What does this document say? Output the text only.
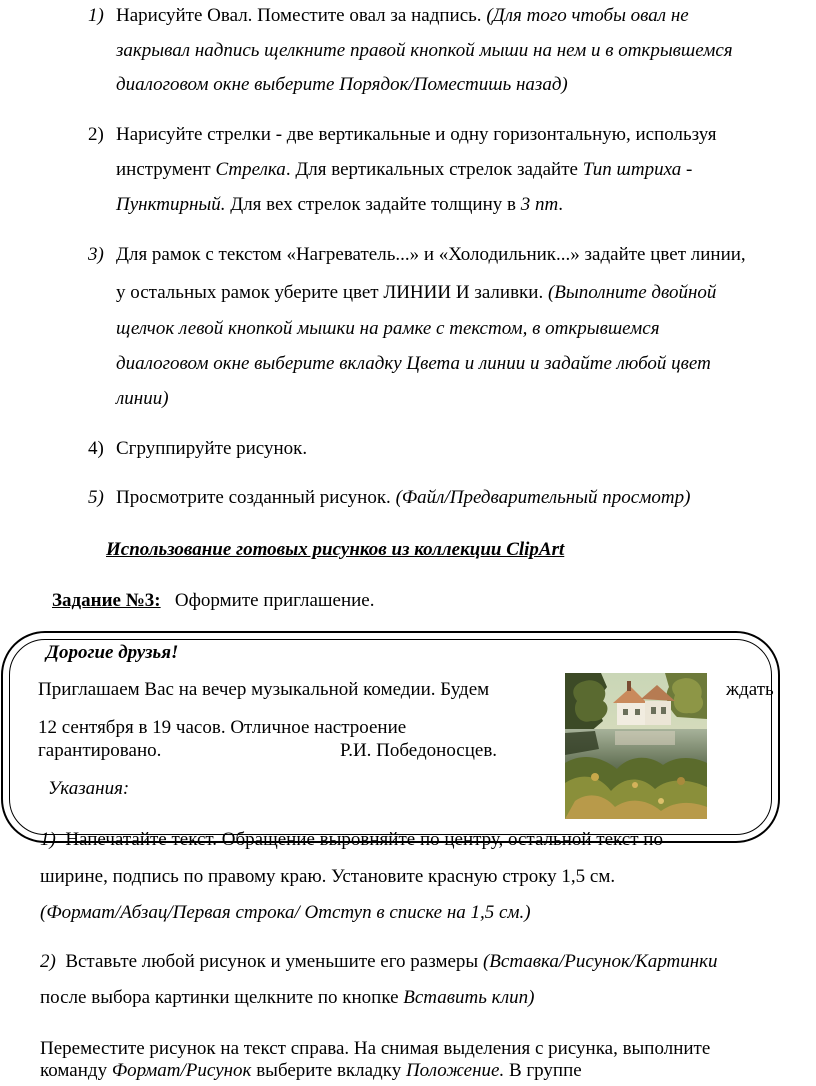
1) Нарисуйте Овал. Поместите овал за надпись. (Для того чтобы овал не
закрывал надпись щелкните правой кнопкой мыши на нем и в открывшемся
диалоговом окне выберите Порядок/Поместишь назад)
2) Нарисуйте стрелки - две вертикальные и одну горизонтальную, используя
инструмент Стрелка. Для вертикальных стрелок задайте Тип штриха -
Пунктирный. Для вех стрелок задайте толщину в 3 пт.
3) Для рамок с текстом «Нагреватель...» и «Холодильник...» задайте цвет линии,
у остальных рамок уберите цвет ЛИНИИ И заливки. (Выполните двойной
щелчок левой кнопкой мышки на рамке с текстом, в открывшемся
диалоговом окне выберите вкладку Цвета и линии и задайте любой цвет
линии)
4) Сгруппируйте рисунок.
5) Просмотрите созданный рисунок. (Файл/Предварительный просмотр)
Использование готовых рисунков из коллекции ClipArt
Задание №3: Оформите приглашение.
Дорогие друзья!
Приглашаем Вас на вечер музыкальной комедии. Будем	ждать
12 сентября в 19 часов. Отличное настроение
гарантировано.	Р.И. Победоносцев.
Указания:
1) Напечатайте текст. Обращение выровняйте по центру, остальной текст по
ширине, подпись по правому краю. Установите красную строку 1,5 см.
(Формат/Абзац/Первая строка/ Отступ в списке на 1,5 см.)
2) Вставьте любой рисунок и уменьшите его размеры (Вставка/Рисунок/Картинки
после выбора картинки щелкните по кнопке Вставить клип)
Переместите рисунок на текст справа. На снимая выделения с рисунка, выполните
команду Формат/Рисунок выберите вкладку Положение. В группе
